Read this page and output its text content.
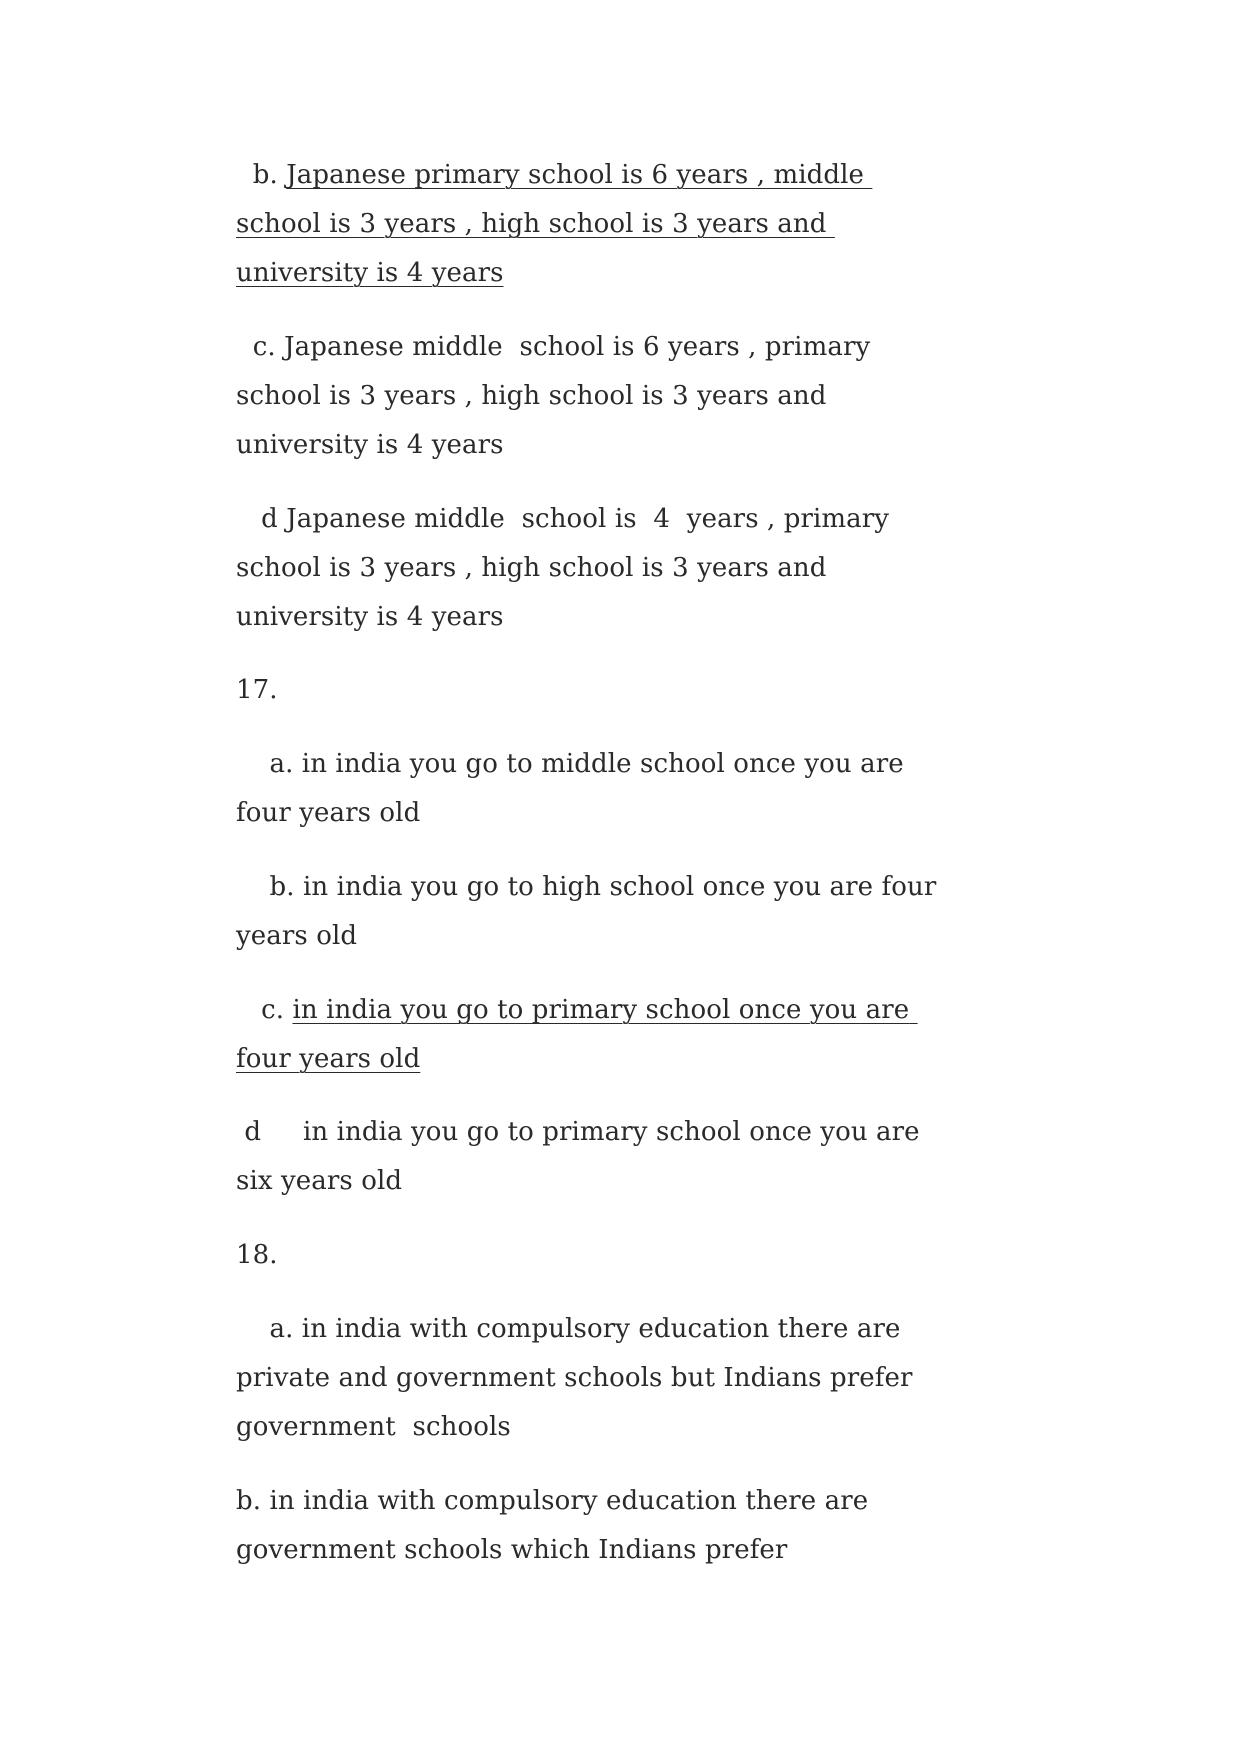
b. Japanese primary school is 6 years , middle school is 3 years , high school is 3 years and university is 4 years

c. Japanese middle  school is 6 years , primary school is 3 years , high school is 3 years and university is 4 years

d Japanese middle  school is  4  years , primary school is 3 years , high school is 3 years and university is 4 years

17.

a. in india you go to middle school once you are four years old

b. in india you go to high school once you are four years old

c. in india you go to primary school once you are four years old

d     in india you go to primary school once you are six years old

18.

a. in india with compulsory education there are private and government schools but Indians prefer government  schools

b. in india with compulsory education there are government schools which Indians prefer
